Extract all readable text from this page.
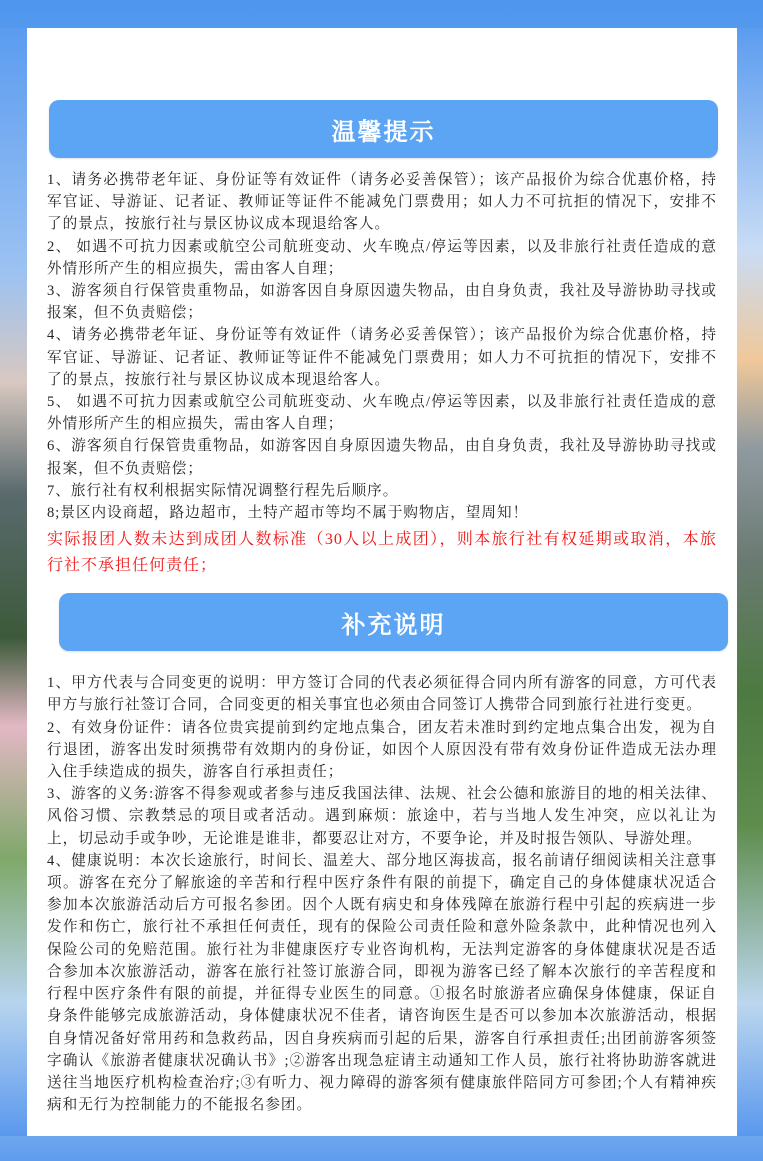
温馨提示

1、请务必携带老年证、身份证等有效证件（请务必妥善保管）；该产品报价为综合优惠价格，持军官证、导游证、记者证、教师证等证件不能减免门票费用；如人力不可抗拒的情况下，安排不了的景点，按旅行社与景区协议成本现退给客人。

2、 如遇不可抗力因素或航空公司航班变动、火车晚点/停运等因素，以及非旅行社责任造成的意外情形所产生的相应损失，需由客人自理；

3、游客须自行保管贵重物品，如游客因自身原因遗失物品，由自身负责，我社及导游协助寻找或报案，但不负责赔偿；

4、请务必携带老年证、身份证等有效证件（请务必妥善保管）；该产品报价为综合优惠价格，持军官证、导游证、记者证、教师证等证件不能减免门票费用；如人力不可抗拒的情况下，安排不了的景点，按旅行社与景区协议成本现退给客人。

5、 如遇不可抗力因素或航空公司航班变动、火车晚点/停运等因素，以及非旅行社责任造成的意外情形所产生的相应损失，需由客人自理；

6、游客须自行保管贵重物品，如游客因自身原因遗失物品，由自身负责，我社及导游协助寻找或报案，但不负责赔偿；

7、旅行社有权利根据实际情况调整行程先后顺序。

8;景区内设商超，路边超市，土特产超市等均不属于购物店，望周知！

实际报团人数未达到成团人数标准（30人以上成团），则本旅行社有权延期或取消，本旅行社不承担任何责任；

补充说明

1、甲方代表与合同变更的说明：甲方签订合同的代表必须征得合同内所有游客的同意，方可代表甲方与旅行社签订合同，合同变更的相关事宜也必须由合同签订人携带合同到旅行社进行变更。

2、有效身份证件：请各位贵宾提前到约定地点集合，团友若未准时到约定地点集合出发，视为自行退团，游客出发时须携带有效期内的身份证，如因个人原因没有带有效身份证件造成无法办理入住手续造成的损失，游客自行承担责任；

3、游客的义务:游客不得参观或者参与违反我国法律、法规、社会公德和旅游目的地的相关法律、风俗习惯、宗教禁忌的项目或者活动。遇到麻烦：旅途中，若与当地人发生冲突，应以礼让为上，切忌动手或争吵，无论谁是谁非，都要忍让对方，不要争论，并及时报告领队、导游处理。

4、健康说明：本次长途旅行，时间长、温差大、部分地区海拔高，报名前请仔细阅读相关注意事项。游客在充分了解旅途的辛苦和行程中医疗条件有限的前提下，确定自己的身体健康状况适合参加本次旅游活动后方可报名参团。因个人既有病史和身体残障在旅游行程中引起的疾病进一步发作和伤亡，旅行社不承担任何责任，现有的保险公司责任险和意外险条款中，此种情况也列入保险公司的免赔范围。旅行社为非健康医疗专业咨询机构，无法判定游客的身体健康状况是否适合参加本次旅游活动，游客在旅行社签订旅游合同，即视为游客已经了解本次旅行的辛苦程度和行程中医疗条件有限的前提，并征得专业医生的同意。①报名时旅游者应确保身体健康，保证自身条件能够完成旅游活动，身体健康状况不佳者，请咨询医生是否可以参加本次旅游活动，根据自身情况备好常用药和急救药品，因自身疾病而引起的后果，游客自行承担责任;出团前游客须签字确认《旅游者健康状况确认书》;②游客出现急症请主动通知工作人员，旅行社将协助游客就进送往当地医疗机构检查治疗;③有听力、视力障碍的游客须有健康旅伴陪同方可参团;个人有精神疾病和无行为控制能力的不能报名参团。
